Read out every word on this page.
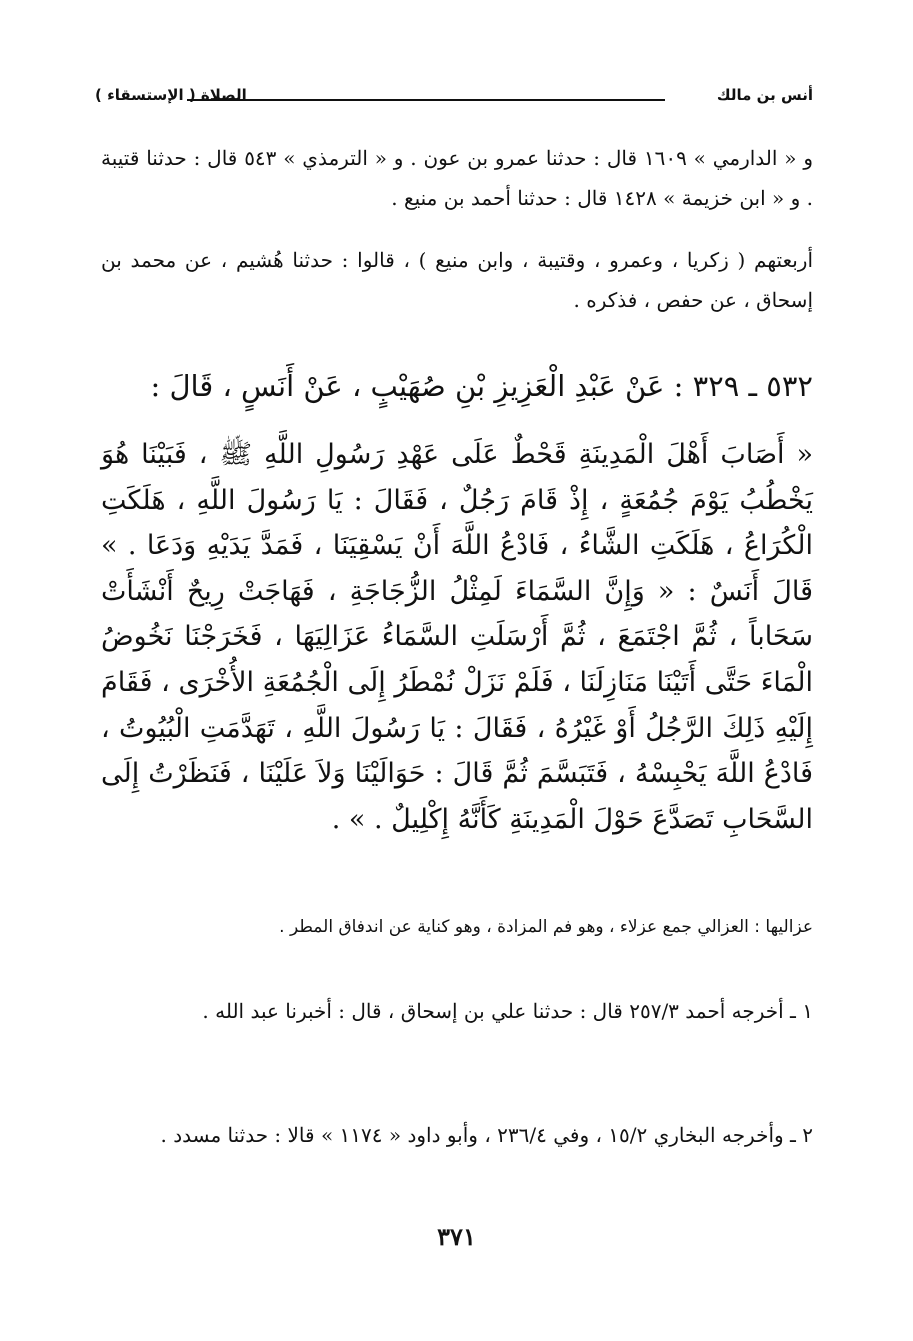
أنس بن مالك
الصلاة ( الإستسقاء )

و « الدارمي » ١٦٠٩ قال : حدثنا عمرو بن عون . و « الترمذي » ٥٤٣ قال : حدثنا قتيبة . و « ابن خزيمة » ١٤٢٨ قال : حدثنا أحمد بن منيع .

أربعتهم ( زكريا ، وعمرو ، وقتيبة ، وابن منيع ) ، قالوا : حدثنا هُشيم ، عن محمد بن إسحاق ، عن حفص ، فذكره .

٥٣٢ ـ ٣٢٩ : عَنْ عَبْدِ الْعَزِيزِ بْنِ صُهَيْبٍ ، عَنْ أَنَسٍ ، قَالَ :

« أَصَابَ أَهْلَ الْمَدِينَةِ قَحْطٌ عَلَى عَهْدِ رَسُولِ اللَّهِ ﷺ ، فَبَيْنَا هُوَ يَخْطُبُ يَوْمَ جُمُعَةٍ ، إِذْ قَامَ رَجُلٌ ، فَقَالَ : يَا رَسُولَ اللَّهِ ، هَلَكَتِ الْكُرَاعُ ، هَلَكَتِ الشَّاءُ ، فَادْعُ اللَّهَ أَنْ يَسْقِيَنَا ، فَمَدَّ يَدَيْهِ وَدَعَا . » قَالَ أَنَسٌ : « وَإِنَّ السَّمَاءَ لَمِثْلُ الزُّجَاجَةِ ، فَهَاجَتْ رِيحٌ أَنْشَأَتْ سَحَاباً ، ثُمَّ اجْتَمَعَ ، ثُمَّ أَرْسَلَتِ السَّمَاءُ عَزَالِيَهَا ، فَخَرَجْنَا نَخُوضُ الْمَاءَ حَتَّى أَتَيْنَا مَنَازِلَنَا ، فَلَمْ نَزَلْ نُمْطَرُ إِلَى الْجُمُعَةِ الأُخْرَى ، فَقَامَ إِلَيْهِ ذَلِكَ الرَّجُلُ أَوْ غَيْرُهُ ، فَقَالَ : يَا رَسُولَ اللَّهِ ، تَهَدَّمَتِ الْبُيُوتُ ، فَادْعُ اللَّهَ يَحْبِسْهُ ، فَتَبَسَّمَ ثُمَّ قَالَ : حَوَالَيْنَا وَلاَ عَلَيْنَا ، فَنَظَرْتُ إِلَى السَّحَابِ تَصَدَّعَ حَوْلَ الْمَدِينَةِ كَأَنَّهُ إِكْلِيلٌ . » .

عزاليها : العزالي جمع عزلاء ، وهو فم المزادة ، وهو كناية عن اندفاق المطر .

١ ـ أخرجه أحمد ٢٥٧/٣ قال : حدثنا علي بن إسحاق ، قال : أخبرنا عبد الله .

٢ ـ وأخرجه البخاري ١٥/٢ ، وفي ٢٣٦/٤ ، وأبو داود « ١١٧٤ » قالا : حدثنا مسدد .

٣٧١
